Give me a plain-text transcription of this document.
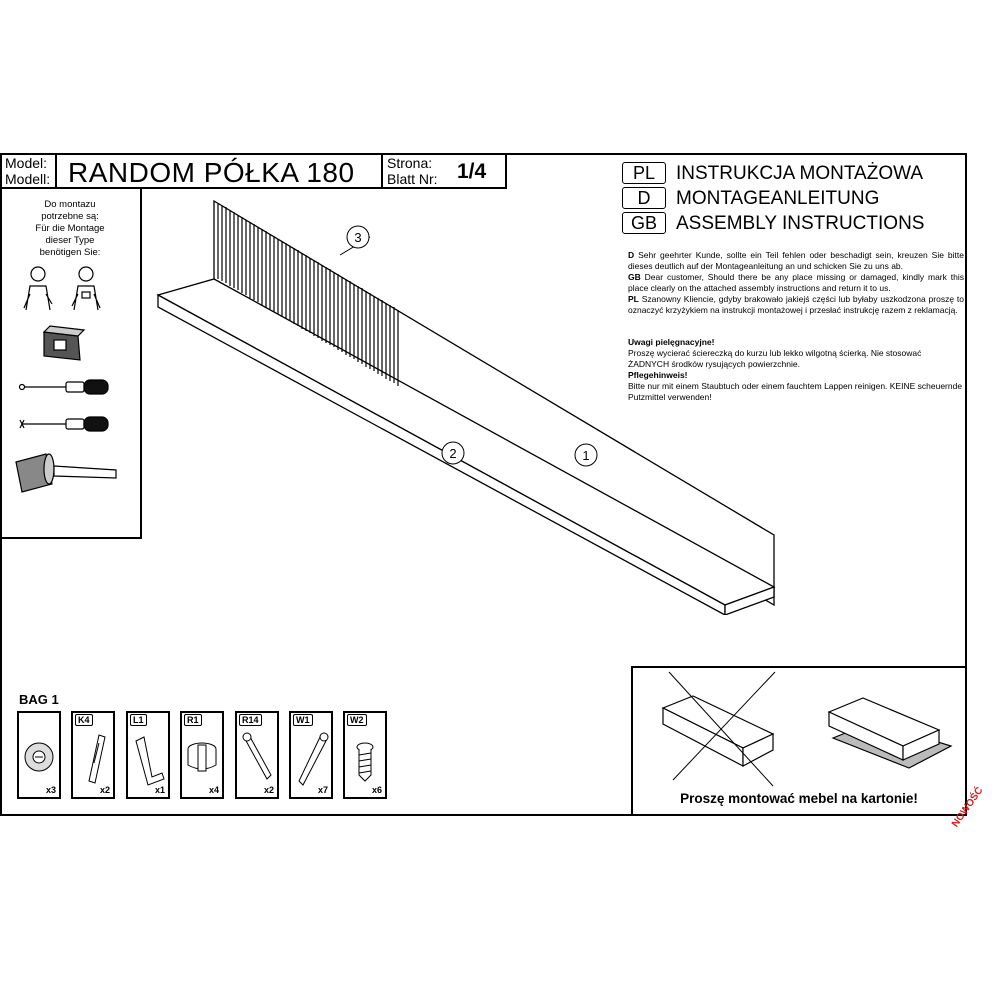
Model:
Modell: RANDOM PÓŁKA 180 Strona:
Blatt Nr: 1/4	PL INSTRUKCJA MONTAŻOWA
D MONTAGEANLEITUNG
GB ASSEMBLY INSTRUCTIONS
D Sehr geehrter Kunde, sollte ein Teil fehlen oder beschadigt sein, kreuzen Sie bitte dieses deutlich auf der Montageanleitung an und schicken Sie zu uns ab.
GB Dear customer, Should there be any place missing or damaged, kindly mark this place clearly on the attached assembly instructions and return it to us.
PL Szanowny Kliencie, gdyby brakowało jakiejś części lub byłaby uszkodzona proszę to oznaczyć krzyżykiem na instrukcji montażowej i przesłać instrukcję razem z reklamacją.
Uwagi pielęgnacyjne!
Proszę wycierać ściereczką do kurzu lub lekko wilgotną ścierką. Nie stosować ŻADNYCH środków rysujących powierzchnie.
Pflegehinweis!
Bitte nur mit einem Staubtuch oder einem fauchtem Lappen reinigen. KEINE scheuernde Putzmittel verwenden!
Do montazu
potrzebne są:
Für die Montage
dieser Type
benötigen Sie:
3
2	1
BAG 1
x3
K4
x2
L1
x1
R1
x4
R14
x2
W1
x7
W2
x6
Proszę montować mebel na kartonie!	NOWOŚĆ
